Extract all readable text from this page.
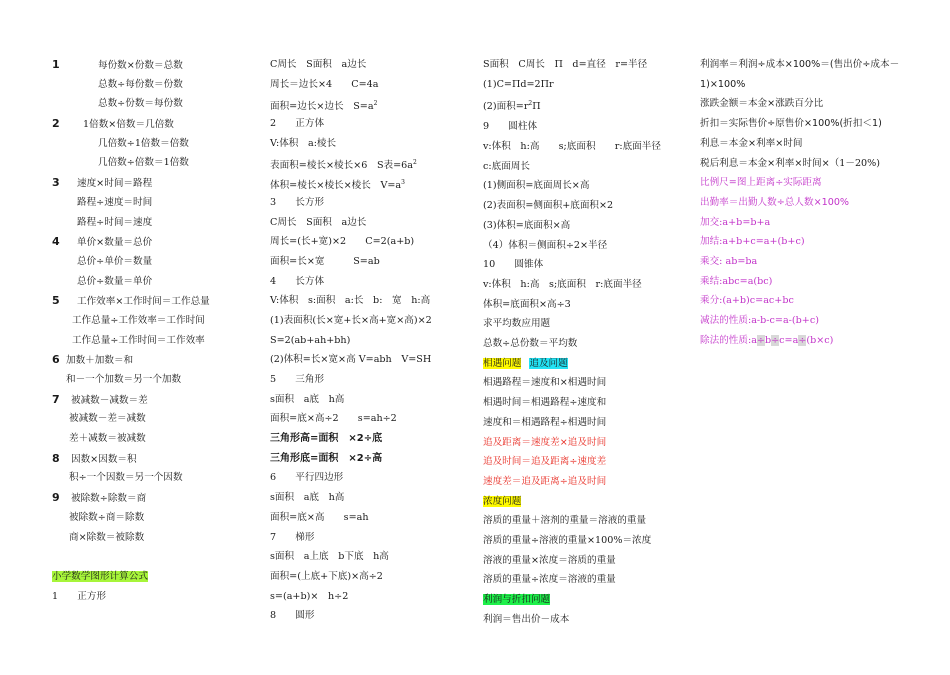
1	每份数×份数＝总数
总数÷每份数＝份数
总数÷份数＝每份数
2 1倍数×倍数＝几倍数
几倍数÷1倍数＝倍数
几倍数÷倍数＝1倍数
3 速度×时间＝路程
路程÷速度＝时间
路程÷时间＝速度
4 单价×数量＝总价
总价÷单价＝数量
总价÷数量＝单价
5 工作效率×工作时间＝工作总量
工作总量÷工作效率＝工作时间
工作总量÷工作时间＝工作效率
6 加数＋加数＝和
和－一个加数＝另一个加数
7 被减数－减数＝差
被减数－差＝减数
差＋减数＝被减数
8 因数×因数＝积
积÷一个因数＝另一个因数
9 被除数÷除数＝商
被除数÷商＝除数
商×除数＝被除数
小学数学图形计算公式
1　　正方形
C周长　S面积　a边长
周长＝边长×4　　C=4a
面积=边长×边长　$S=a^2$
2　　正方体
V:体积　a:棱长
表面积=棱长×棱长×6　S表$=6a^2$
体积=棱长×棱长×棱长　$V=a^3$
3　　长方形
C周长　S面积　a边长
周长=(长+宽)×2　　C=2(a+b)
面积=长×宽　　　S=ab
4　　长方体
V:体积　s:面积　a:长　b:　宽　h:高
(1)表面积(长×宽+长×高+宽×高)×2
S=2(ab+ah+bh)
(2)体积=长×宽×高 V=abh　V=SH
5　　三角形
s面积　a底　h高
面积=底×高÷2　　s=ah÷2
三角形高=面积　×2÷底
三角形底=面积　×2÷高
6　　平行四边形
s面积　a底　h高
面积=底×高　　s=ah
7　　梯形
s面积　a上底　b下底　h高
面积=(上底+下底)×高÷2
s=(a+b)×　h÷2
8　　圆形
S面积　C周长　Π　d=直径　r=半径
(1)C=Πd=2Πr
(2)面积$=r^2\Pi$
9　　圆柱体
v:体积　h:高　　s;底面积　　r:底面半径　　c:底面周长
(1)侧面积=底面周长×高
(2)表面积=侧面积+底面积×2
(3)体积=底面积×高
（4）体积＝侧面积÷2×半径
10　　圆锥体
v:体积　h:高　s;底面积　r:底面半径
体积=底面积×高÷3
求平均数应用题
总数÷总份数＝平均数
相遇问题 追及问题
相遇路程＝速度和×相遇时间
相遇时间＝相遇路程÷速度和
速度和＝相遇路程÷相遇时间
追及距离＝速度差×追及时间
追及时间＝追及距离÷速度差
速度差＝追及距离÷追及时间
浓度问题
溶质的重量＋溶剂的重量＝溶液的重量
溶质的重量÷溶液的重量×100%＝浓度
溶液的重量×浓度＝溶质的重量
溶质的重量÷浓度＝溶液的重量
利润与折扣问题
利润＝售出价－成本
利润率＝利润÷成本×100%＝(售出价÷成本－1)×100%
涨跌金额＝本金×涨跌百分比
折扣＝实际售价÷原售价×100%(折扣＜1)
利息＝本金×利率×时间
税后利息＝本金×利率×时间×（1－20%)
比例尺=图上距离÷实际距离
出勤率＝出勤人数÷总人数×100%
加交:a+b=b+a
加结:a+b+c=a+(b+c)
乘交: ab=ba
乘结:abc=a(bc)
乘分:(a+b)c=ac+bc
减法的性质:a-b-c=a-(b+c)
除法的性质:a÷b÷c=a÷(b×c)
